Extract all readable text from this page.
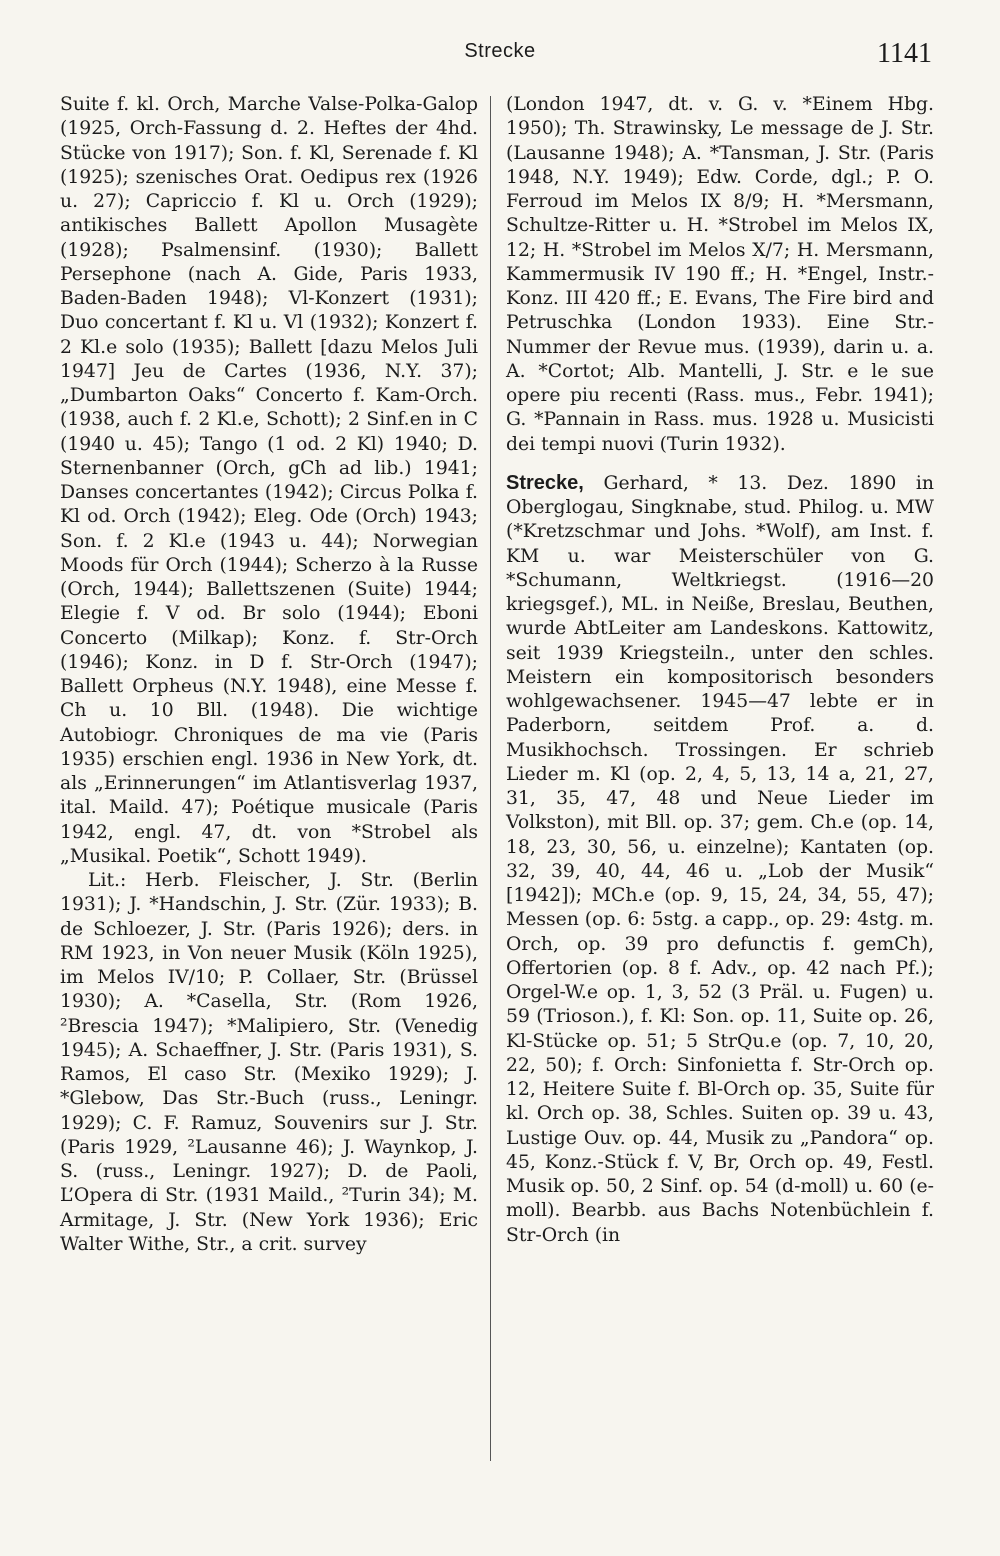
Strecke	1141

Suite f. kl. Orch, Marche Valse-Polka-Galop (1925, Orch-Fassung d. 2. Heftes der 4hd. Stücke von 1917); Son. f. Kl, Serenade f. Kl (1925); szenisches Orat. Oedipus rex (1926 u. 27); Capriccio f. Kl u. Orch (1929); antikisches Ballett Apollon Musagète (1928); Psalmensinf. (1930); Ballett Persephone (nach A. Gide, Paris 1933, Baden-Baden 1948); Vl-Konzert (1931); Duo concertant f. Kl u. Vl (1932); Konzert f. 2 Kl.e solo (1935); Ballett [dazu Melos Juli 1947] Jeu de Cartes (1936, N.Y. 37); „Dumbarton Oaks“ Concerto f. Kam-Orch. (1938, auch f. 2 Kl.e, Schott); 2 Sinf.en in C (1940 u. 45); Tango (1 od. 2 Kl) 1940; D. Sternenbanner (Orch, gCh ad lib.) 1941; Danses concertantes (1942); Circus Polka f. Kl od. Orch (1942); Eleg. Ode (Orch) 1943; Son. f. 2 Kl.e (1943 u. 44); Norwegian Moods für Orch (1944); Scherzo à la Russe (Orch, 1944); Ballettszenen (Suite) 1944; Elegie f. V od. Br solo (1944); Eboni Concerto (Milkap); Konz. f. Str-Orch (1946); Konz. in D f. Str-Orch (1947); Ballett Orpheus (N.Y. 1948), eine Messe f. Ch u. 10 Bll. (1948). Die wichtige Autobiogr. Chroniques de ma vie (Paris 1935) erschien engl. 1936 in New York, dt. als „Erinnerungen“ im Atlantisverlag 1937, ital. Maild. 47); Poétique musicale (Paris 1942, engl. 47, dt. von *Strobel als „Musikal. Poetik“, Schott 1949).

Lit.: Herb. Fleischer, J. Str. (Berlin 1931); J. *Handschin, J. Str. (Zür. 1933); B. de Schloezer, J. Str. (Paris 1926); ders. in RM 1923, in Von neuer Musik (Köln 1925), im Melos IV/10; P. Collaer, Str. (Brüssel 1930); A. *Casella, Str. (Rom 1926, ²Brescia 1947); *Malipiero, Str. (Venedig 1945); A. Schaeffner, J. Str. (Paris 1931), S. Ramos, El caso Str. (Mexiko 1929); J. *Glebow, Das Str.-Buch (russ., Leningr. 1929); C. F. Ramuz, Souvenirs sur J. Str. (Paris 1929, ²Lausanne 46); J. Waynkop, J. S. (russ., Leningr. 1927); D. de Paoli, L’Opera di Str. (1931 Maild., ²Turin 34); M. Armitage, J. Str. (New York 1936); Eric Walter Withe, Str., a crit. survey

(London 1947, dt. v. G. v. *Einem Hbg. 1950); Th. Strawinsky, Le message de J. Str. (Lausanne 1948); A. *Tansman, J. Str. (Paris 1948, N.Y. 1949); Edw. Corde, dgl.; P. O. Ferroud im Melos IX 8/9; H. *Mersmann, Schultze-Ritter u. H. *Strobel im Melos IX, 12; H. *Strobel im Melos X/7; H. Mersmann, Kammermusik IV 190 ff.; H. *Engel, Instr.-Konz. III 420 ff.; E. Evans, The Fire bird and Petruschka (London 1933). Eine Str.-Nummer der Revue mus. (1939), darin u. a. A. *Cortot; Alb. Mantelli, J. Str. e le sue opere piu recenti (Rass. mus., Febr. 1941); G. *Pannain in Rass. mus. 1928 u. Musicisti dei tempi nuovi (Turin 1932).

Strecke, Gerhard, * 13. Dez. 1890 in Oberglogau, Singknabe, stud. Philog. u. MW (*Kretzschmar und Johs. *Wolf), am Inst. f. KM u. war Meisterschüler von G. *Schumann, Weltkriegst. (1916—20 kriegsgef.), ML. in Neiße, Breslau, Beuthen, wurde AbtLeiter am Landeskons. Kattowitz, seit 1939 Kriegsteiln., unter den schles. Meistern ein kompositorisch besonders wohlgewachsener. 1945—47 lebte er in Paderborn, seitdem Prof. a. d. Musikhochsch. Trossingen. Er schrieb Lieder m. Kl (op. 2, 4, 5, 13, 14 a, 21, 27, 31, 35, 47, 48 und Neue Lieder im Volkston), mit Bll. op. 37; gem. Ch.e (op. 14, 18, 23, 30, 56, u. einzelne); Kantaten (op. 32, 39, 40, 44, 46 u. „Lob der Musik“ [1942]); MCh.e (op. 9, 15, 24, 34, 55, 47); Messen (op. 6: 5stg. a capp., op. 29: 4stg. m. Orch, op. 39 pro defunctis f. gemCh), Offertorien (op. 8 f. Adv., op. 42 nach Pf.); Orgel-W.e op. 1, 3, 52 (3 Präl. u. Fugen) u. 59 (Trioson.), f. Kl: Son. op. 11, Suite op. 26, Kl-Stücke op. 51; 5 StrQu.e (op. 7, 10, 20, 22, 50); f. Orch: Sinfonietta f. Str-Orch op. 12, Heitere Suite f. Bl-Orch op. 35, Suite für kl. Orch op. 38, Schles. Suiten op. 39 u. 43, Lustige Ouv. op. 44, Musik zu „Pandora“ op. 45, Konz.-Stück f. V, Br, Orch op. 49, Festl. Musik op. 50, 2 Sinf. op. 54 (d-moll) u. 60 (e-moll). Bearbb. aus Bachs Notenbüchlein f. Str-Orch (in
